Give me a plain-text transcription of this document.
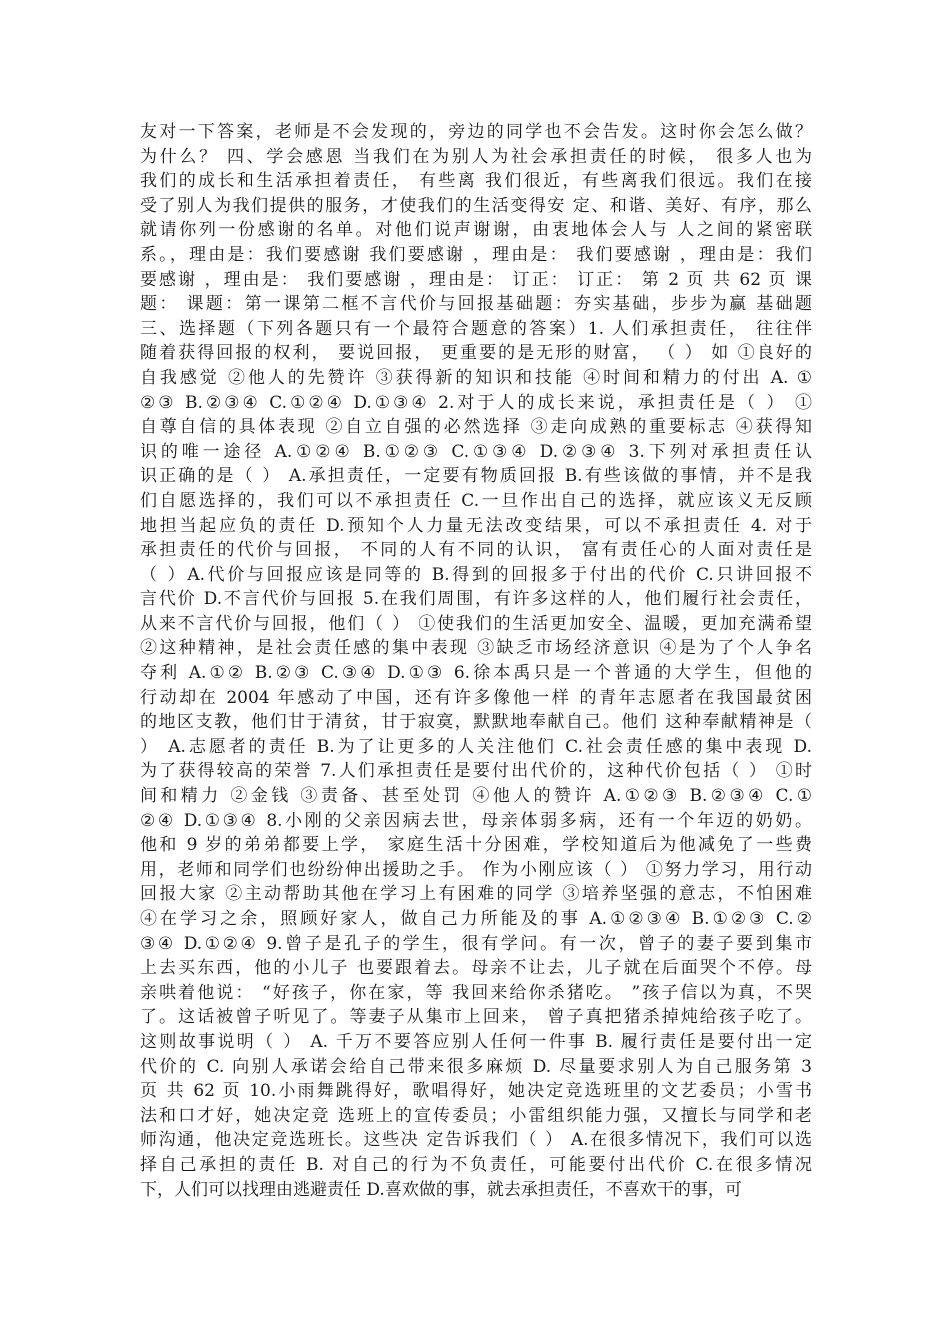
友对一下答案，老师是不会发现的，旁边的同学也不会告发。这时你会怎么做？
为什么？ 四、学会感恩 当我们在为别人为社会承担责任的时候， 很多人也为
我们的成长和生活承担着责任， 有些离 我们很近，有些离我们很远。我们在接
受了别人为我们提供的服务，才使我们的生活变得安 定、和谐、美好、有序，那么
就请你列一份感谢的名单。对他们说声谢谢，由衷地体会人与 人之间的紧密联
系。，理由是：我们要感谢 我们要感谢 ，理由是： 我们要感谢 ，理由是：我们
要感谢 ，理由是： 我们要感谢 ，理由是： 订正： 订正： 第 2 页 共 62 页 课
题： 课题：第一课第二框不言代价与回报基础题：夯实基础，步步为赢 基础题
三、选择题（下列各题只有一个最符合题意的答案）1. 人们承担责任， 往往伴
随着获得回报的权利， 要说回报， 更重要的是无形的财富， （ ） 如 ①良好的
自我感觉 ②他人的先赞许 ③获得新的知识和技能 ④时间和精力的付出 A. ①
②③ B.②③④ C.①②④ D.①③④ 2.对于人的成长来说，承担责任是（ ） ①
自尊自信的具体表现 ②自立自强的必然选择 ③走向成熟的重要标志 ④获得知
识的唯一途径 A.①②④ B.①②③ C.①③④ D.②③④ 3.下列对承担责任认
识正确的是（ ） A.承担责任，一定要有物质回报 B.有些该做的事情，并不是我
们自愿选择的，我们可以不承担责任 C.一旦作出自己的选择，就应该义无反顾
地担当起应负的责任 D.预知个人力量无法改变结果，可以不承担责任 4. 对于
承担责任的代价与回报， 不同的人有不同的认识， 富有责任心的人面对责任是
（ ）A.代价与回报应该是同等的 B.得到的回报多于付出的代价 C.只讲回报不
言代价 D.不言代价与回报 5.在我们周围，有许多这样的人，他们履行社会责任，
从来不言代价与回报，他们（ ） ①使我们的生活更加安全、温暖，更加充满希望
②这种精神，是社会责任感的集中表现 ③缺乏市场经济意识 ④是为了个人争名
夺利 A.①② B.②③ C.③④ D.①③ 6.徐本禹只是一个普通的大学生，但他的
行动却在 2004 年感动了中国，还有许多像他一样 的青年志愿者在我国最贫困
的地区支教，他们甘于清贫，甘于寂寞，默默地奉献自己。他们 这种奉献精神是（
） A.志愿者的责任 B.为了让更多的人关注他们 C.社会责任感的集中表现 D.
为了获得较高的荣誉 7.人们承担责任是要付出代价的，这种代价包括（ ） ①时
间和精力 ②金钱 ③责备、甚至处罚 ④他人的赞许 A.①②③ B.②③④ C.①
②④ D.①③④ 8.小刚的父亲因病去世，母亲体弱多病，还有一个年迈的奶奶。
他和 9 岁的弟弟都要上学， 家庭生活十分困难，学校知道后为他减免了一些费
用，老师和同学们也纷纷伸出援助之手。 作为小刚应该（ ） ①努力学习，用行动
回报大家 ②主动帮助其他在学习上有困难的同学 ③培养坚强的意志，不怕困难
④在学习之余，照顾好家人，做自己力所能及的事 A.①②③④ B.①②③ C.②
③④ D.①②④ 9.曾子是孔子的学生，很有学问。有一次，曾子的妻子要到集市
上去买东西，他的小儿子 也要跟着去。母亲不让去，儿子就在后面哭个不停。母
亲哄着他说： “好孩子，你在家，等 我回来给你杀猪吃。 ”孩子信以为真，不哭
了。这话被曾子听见了。等妻子从集市上回来， 曾子真把猪杀掉炖给孩子吃了。
这则故事说明（ ） A. 千万不要答应别人任何一件事 B. 履行责任是要付出一定
代价的 C. 向别人承诺会给自己带来很多麻烦 D. 尽量要求别人为自己服务第 3
页 共 62 页 10.小雨舞跳得好，歌唱得好，她决定竞选班里的文艺委员；小雪书
法和口才好，她决定竞 选班上的宣传委员；小雷组织能力强，又擅长与同学和老
师沟通，他决定竞选班长。这些决 定告诉我们（ ） A.在很多情况下，我们可以选
择自己承担的责任 B. 对自己的行为不负责任，可能要付出代价 C.在很多情况
下，人们可以找理由逃避责任 D.喜欢做的事，就去承担责任，不喜欢干的事，可
